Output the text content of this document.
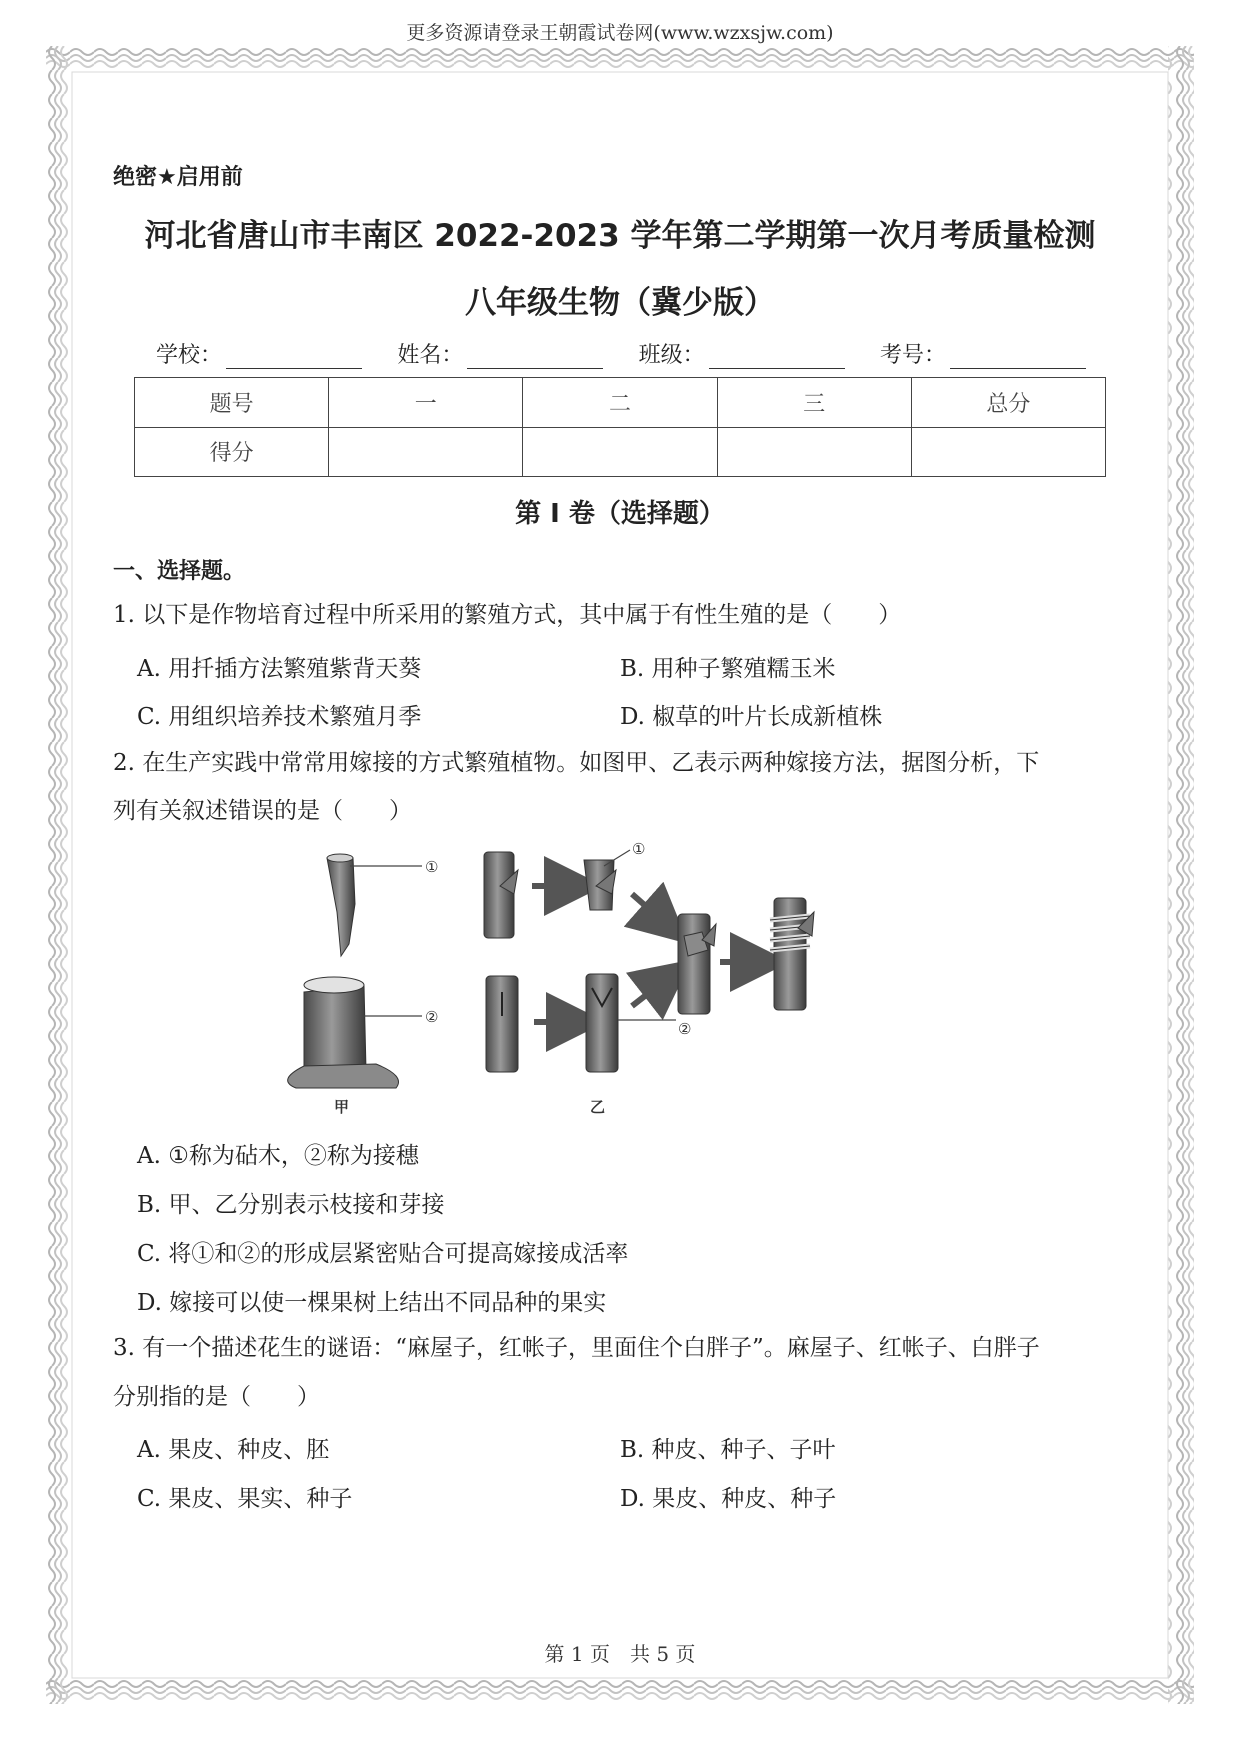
更多资源请登录王朝霞试卷网(www.wzxsjw.com)
绝密★启用前
河北省唐山市丰南区 2022-2023 学年第二学期第一次月考质量检测
八年级生物（冀少版）
学校：	姓名：	班级：	考号：
题号	一	二	三	总分
得分				
第 I 卷（选择题）
一、选择题。
1. 以下是作物培育过程中所采用的繁殖方式，其中属于有性生殖的是（　　）
A. 用扦插方法繁殖紫背天葵	B. 用种子繁殖糯玉米
C. 用组织培养技术繁殖月季	D. 椒草的叶片长成新植株
2. 在生产实践中常常用嫁接的方式繁殖植物。如图甲、乙表示两种嫁接方法，据图分析，下
列有关叙述错误的是（　　）
①
②
甲
①
②
乙
A. ①称为砧木，②称为接穗
B. 甲、乙分别表示枝接和芽接
C. 将①和②的形成层紧密贴合可提高嫁接成活率
D. 嫁接可以使一棵果树上结出不同品种的果实
3. 有一个描述花生的谜语：“麻屋子，红帐子，里面住个白胖子”。麻屋子、红帐子、白胖子
分别指的是（　　）
A. 果皮、种皮、胚	B. 种皮、种子、子叶
C. 果皮、果实、种子	D. 果皮、种皮、种子
第 1 页　共 5 页
